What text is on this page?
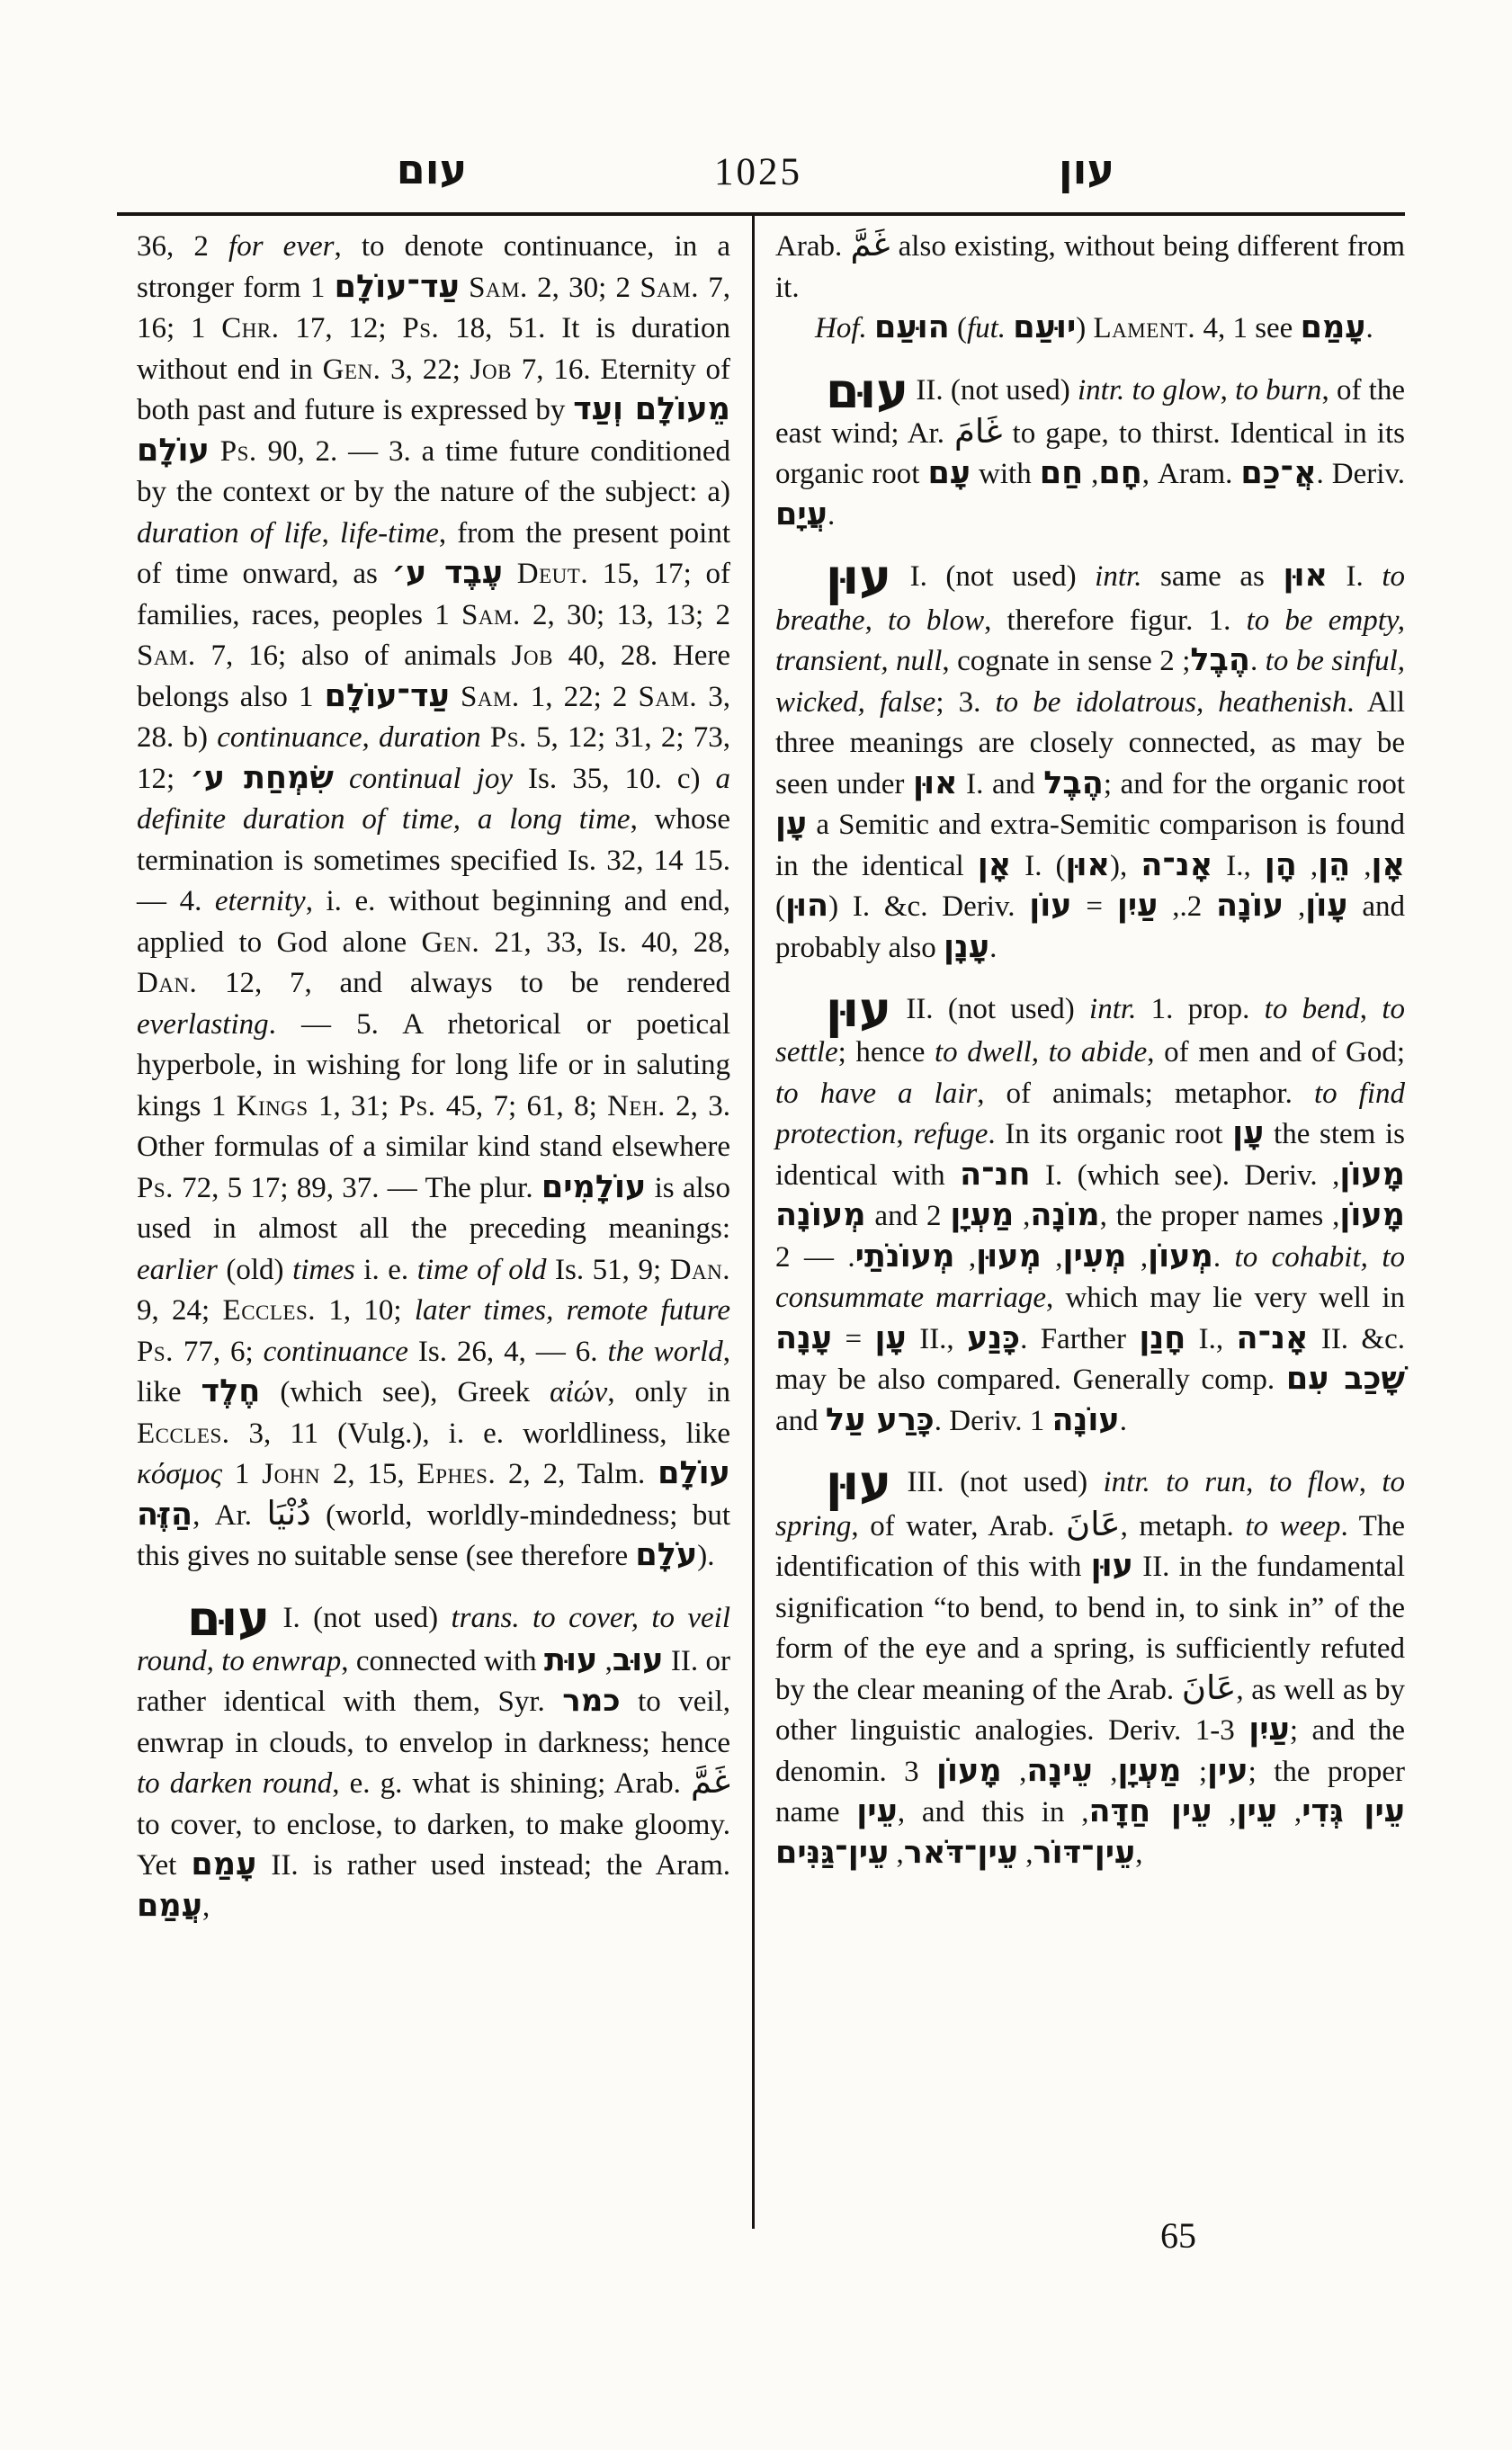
עום	1025	עון

36, 2 for ever, to denote continuance, in a stronger form עַד־עוֹלָם 1 Sam. 2, 30; 2 Sam. 7, 16; 1 Chr. 17, 12; Ps. 18, 51. It is duration without end in Gen. 3, 22; Job 7, 16. Eternity of both past and future is expressed by מֵעוֹלָם וְעַד עוֹלָם Ps. 90, 2. — 3. a time future conditioned by the context or by the nature of the subject: a) duration of life, life-time, from the present point of time onward, as עֶבֶד ע׳ Deut. 15, 17; of families, races, peoples 1 Sam. 2, 30; 13, 13; 2 Sam. 7, 16; also of animals Job 40, 28. Here belongs also עַד־עוֹלָם 1 Sam. 1, 22; 2 Sam. 3, 28. b) continuance, duration Ps. 5, 12; 31, 2; 73, 12; שִׂמְחַת ע׳ continual joy Is. 35, 10. c) a definite duration of time, a long time, whose termination is sometimes specified Is. 32, 14 15. — 4. eternity, i. e. without beginning and end, applied to God alone Gen. 21, 33, Is. 40, 28, Dan. 12, 7, and always to be rendered everlasting. — 5. A rhetorical or poetical hyperbole, in wishing for long life or in saluting kings 1 Kings 1, 31; Ps. 45, 7; 61, 8; Neh. 2, 3. Other formulas of a similar kind stand elsewhere Ps. 72, 5 17; 89, 37. — The plur. עוֹלָמִים is also used in almost all the preceding meanings: earlier (old) times i. e. time of old Is. 51, 9; Dan. 9, 24; Eccles. 1, 10; later times, remote future Ps. 77, 6; continuance Is. 26, 4, — 6. the world, like חֶלֶד (which see), Greek αἰών, only in Eccles. 3, 11 (Vulg.), i. e. worldliness, like κόσμος 1 John 2, 15, Ephes. 2, 2, Talm. עוֹלָם הַזֶּה, Ar. دُنْيَا (world, worldly-mindedness; but this gives no suitable sense (see therefore עֹלָם).

עוּם I. (not used) trans. to cover, to veil round, to enwrap, connected with עוּב, עוּת II. or rather identical with them, Syr. כמר to veil, enwrap in clouds, to envelop in darkness; hence to darken round, e. g. what is shining; Arab. غَمَّ to cover, to enclose, to darken, to make gloomy. Yet עָמַם II. is rather used instead; the Aram. עֲמַם,

Arab. غَمَّ also existing, without being different from it.

Hof. הוּעַם (fut. יוּעַם) Lament. 4, 1 see עָמַם.

עוּם II. (not used) intr. to glow, to burn, of the east wind; Ar. غَامَ to gape, to thirst. Identical in its organic root עָם with חָם, חַם , Aram. אֲ־כַם. Deriv. עֲיָם.

עוּן I. (not used) intr. same as אוּן I. to breathe, to blow, therefore figur. 1. to be empty, transient, null, cognate in sense הֶבֶל; 2. to be sinful, wicked, false; 3. to be idolatrous, heathenish. All three meanings are closely connected, as may be seen under אוּן I. and הֶבֶל; and for the organic root עָן a Semitic and extra-Semitic comparison is found in the identical אָן I. (אוּן), אָנ־ה I.,	אָן, הֵן, הָן (הוּן) I. &c. Deriv.	עָוֹן, עוֹנָה 2., עַיִן = עוֹן	and probably also עָנָן.

עוּן II. (not used) intr. 1. prop. to bend, to settle; hence to dwell, to abide, of men and of God; to have a lair, of animals; metaphor. to find protection, refuge. In its organic root עָן the stem is identical with חנ־ה I. (which see). Deriv. מָעוֹן, מְעוֹנָה and	מוֹנָה, מַעְיָן 2, the proper names מָעוֹן, מְעוֹן, מְעִין, מְעוּן, מְעוֹנֹתַי. — 2. to cohabit, to consummate marriage, which may lie very well in עָן = עָנָה	II., כָּנַע. Farther חָנַן I., אָנ־ה II. &c. may be also compared. Generally comp. שָׁכַב עִם and כָּרַע עַל. Deriv. עוֹנָה 1.

עוּן III. (not used) intr. to run, to flow, to spring, of water, Arab. عَانَ, metaph. to weep. The identification of this with עוּן II. in the fundamental signification “to bend, to bend in, to sink in” of the form of the eye and a spring, is sufficiently refuted by the clear meaning of the Arab. عَانَ, as well as by other linguistic analogies. Deriv. עַיִן 1-3; and the denomin.	עין; מַעְיָן, עֵינָה, מָעוֹן 3; the proper name עֵין, and this in	עֵין גְּדִי, עֵין, עֵין חַדָּה, עֵין־דּוֹר, עֵין־דֹּאר, עֵין־גַּנִּים	,

65
